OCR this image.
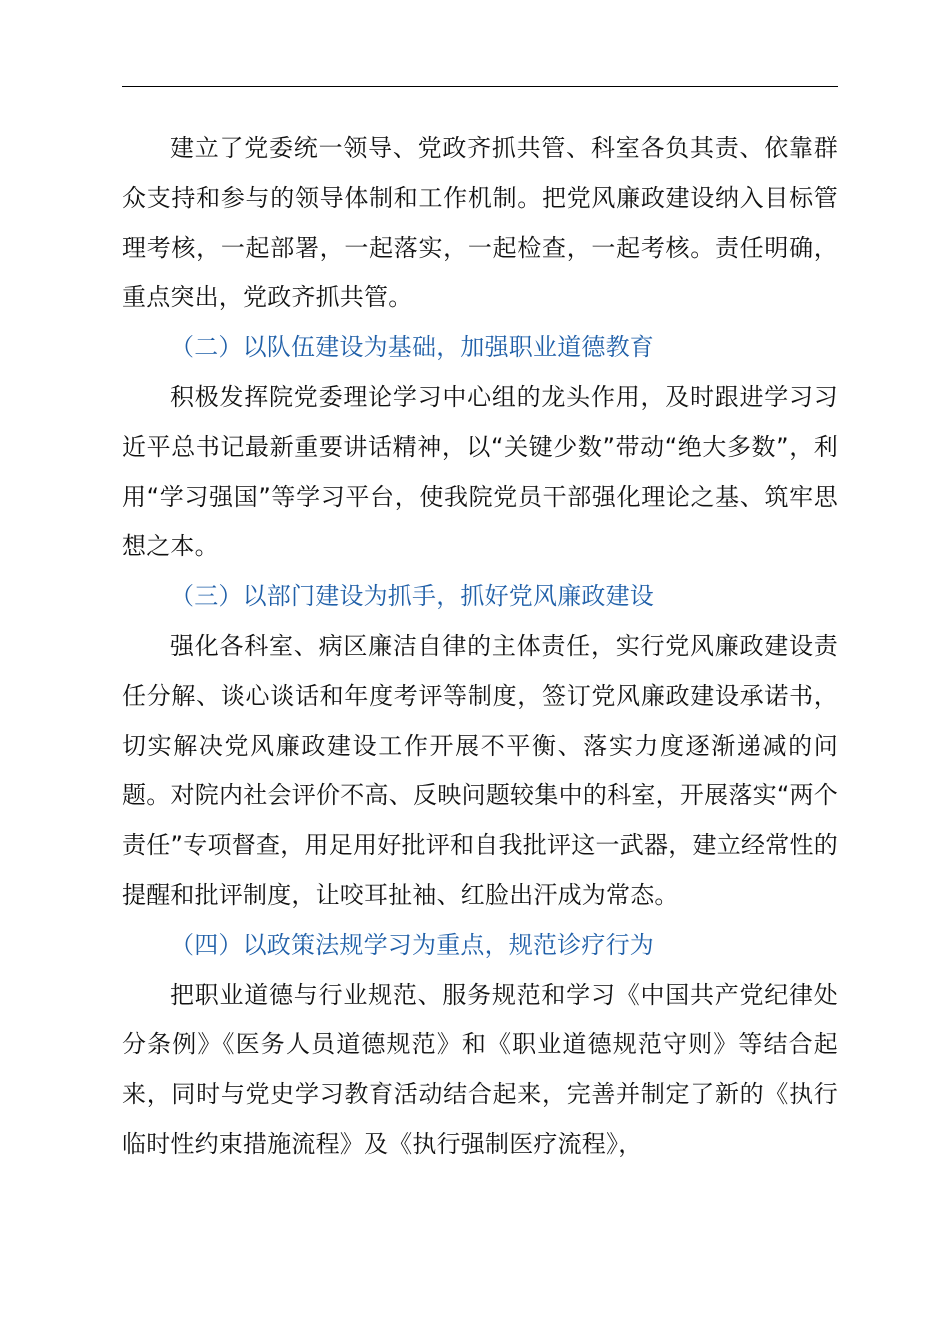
建立了党委统一领导、党政齐抓共管、科室各负其责、依靠群众支持和参与的领导体制和工作机制。把党风廉政建设纳入目标管理考核，一起部署，一起落实，一起检查，一起考核。责任明确，重点突出，党政齐抓共管。

（二）以队伍建设为基础，加强职业道德教育

积极发挥院党委理论学习中心组的龙头作用，及时跟进学习习近平总书记最新重要讲话精神，以“关键少数”带动“绝大多数”，利用“学习强国”等学习平台，使我院党员干部强化理论之基、筑牢思想之本。

（三）以部门建设为抓手，抓好党风廉政建设

强化各科室、病区廉洁自律的主体责任，实行党风廉政建设责任分解、谈心谈话和年度考评等制度，签订党风廉政建设承诺书，切实解决党风廉政建设工作开展不平衡、落实力度逐渐递减的问题。对院内社会评价不高、反映问题较集中的科室，开展落实“两个责任”专项督查，用足用好批评和自我批评这一武器，建立经常性的提醒和批评制度，让咬耳扯袖、红脸出汗成为常态。

（四）以政策法规学习为重点，规范诊疗行为

把职业道德与行业规范、服务规范和学习《中国共产党纪律处分条例》《医务人员道德规范》和《职业道德规范守则》等结合起来，同时与党史学习教育活动结合起来，完善并制定了新的《执行临时性约束措施流程》及《执行强制医疗流程》，
